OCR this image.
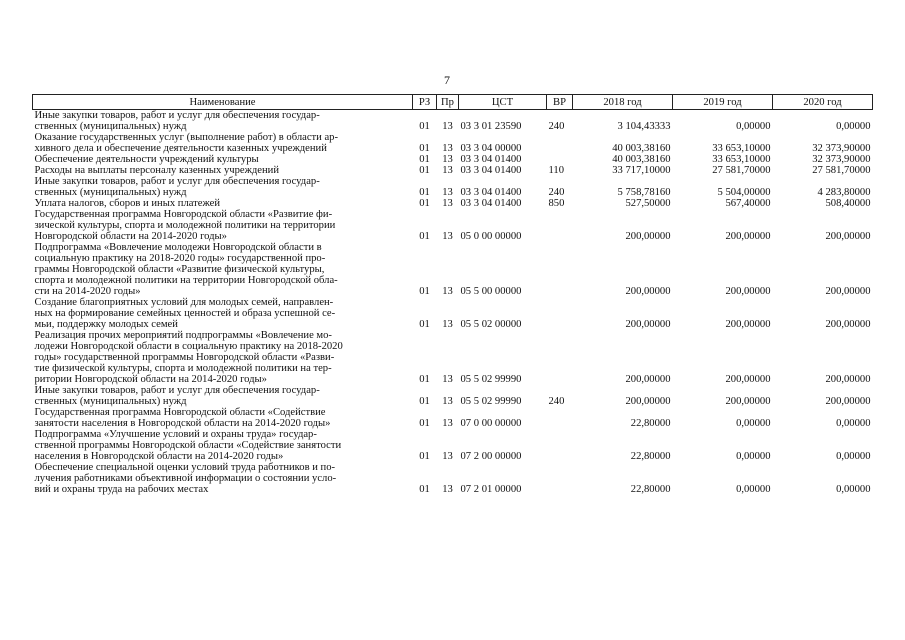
7
Наименование	РЗ	Пр	ЦСТ	ВР	2018 год	2019 год	2020 год

Иные закупки товаров, работ и услуг для обеспечения государ-
ственных (муниципальных) нужд	01	13	03 3 01 23590	240	3 104,43333	0,00000	0,00000

Оказание государственных услуг (выполнение работ) в области ар-
хивного дела и обеспечение деятельности казенных учреждений	01	13	03 3 04 00000		40 003,38160	33 653,10000	32 373,90000

Обеспечение деятельности учреждений культуры	01	13	03 3 04 01400		40 003,38160	33 653,10000	32 373,90000

Расходы на выплаты персоналу казенных учреждений	01	13	03 3 04 01400	110	33 717,10000	27 581,70000	27 581,70000

Иные закупки товаров, работ и услуг для обеспечения государ-
ственных (муниципальных) нужд	01	13	03 3 04 01400	240	5 758,78160	5 504,00000	4 283,80000

Уплата налогов, сборов и иных платежей	01	13	03 3 04 01400	850	527,50000	567,40000	508,40000

Государственная программа Новгородской области «Развитие фи-
зической культуры, спорта и молодежной политики на территории
Новгородской области на 2014-2020 годы»	01	13	05 0 00 00000		200,00000	200,00000	200,00000

Подпрограмма «Вовлечение молодежи Новгородской области в
социальную практику на 2018-2020 годы» государственной про-
граммы Новгородской области «Развитие физической культуры,
спорта и молодежной политики на территории Новгородской обла-
сти на 2014-2020 годы»	01	13	05 5 00 00000		200,00000	200,00000	200,00000

Создание благоприятных условий для молодых семей, направлен-
ных на формирование семейных ценностей и образа успешной се-
мьи, поддержку молодых семей	01	13	05 5 02 00000		200,00000	200,00000	200,00000

Реализация прочих мероприятий подпрограммы «Вовлечение мо-
лодежи Новгородской области в социальную практику на 2018-2020
годы» государственной программы Новгородской области «Разви-
тие физической культуры, спорта и молодежной политики на тер-
ритории Новгородской области на 2014-2020 годы»	01	13	05 5 02 99990		200,00000	200,00000	200,00000

Иные закупки товаров, работ и услуг для обеспечения государ-
ственных (муниципальных) нужд	01	13	05 5 02 99990	240	200,00000	200,00000	200,00000

Государственная программа Новгородской области «Содействие
занятости населения в Новгородской области на 2014-2020 годы»	01	13	07 0 00 00000		22,80000	0,00000	0,00000

Подпрограмма «Улучшение условий и охраны труда» государ-
ственной программы Новгородской области «Содействие занятости
населения в Новгородской области на 2014-2020 годы»	01	13	07 2 00 00000		22,80000	0,00000	0,00000

Обеспечение специальной оценки условий труда работников и по-
лучения работниками объективной информации о состоянии усло-
вий и охраны труда на рабочих местах	01	13	07 2 01 00000		22,80000	0,00000	0,00000
